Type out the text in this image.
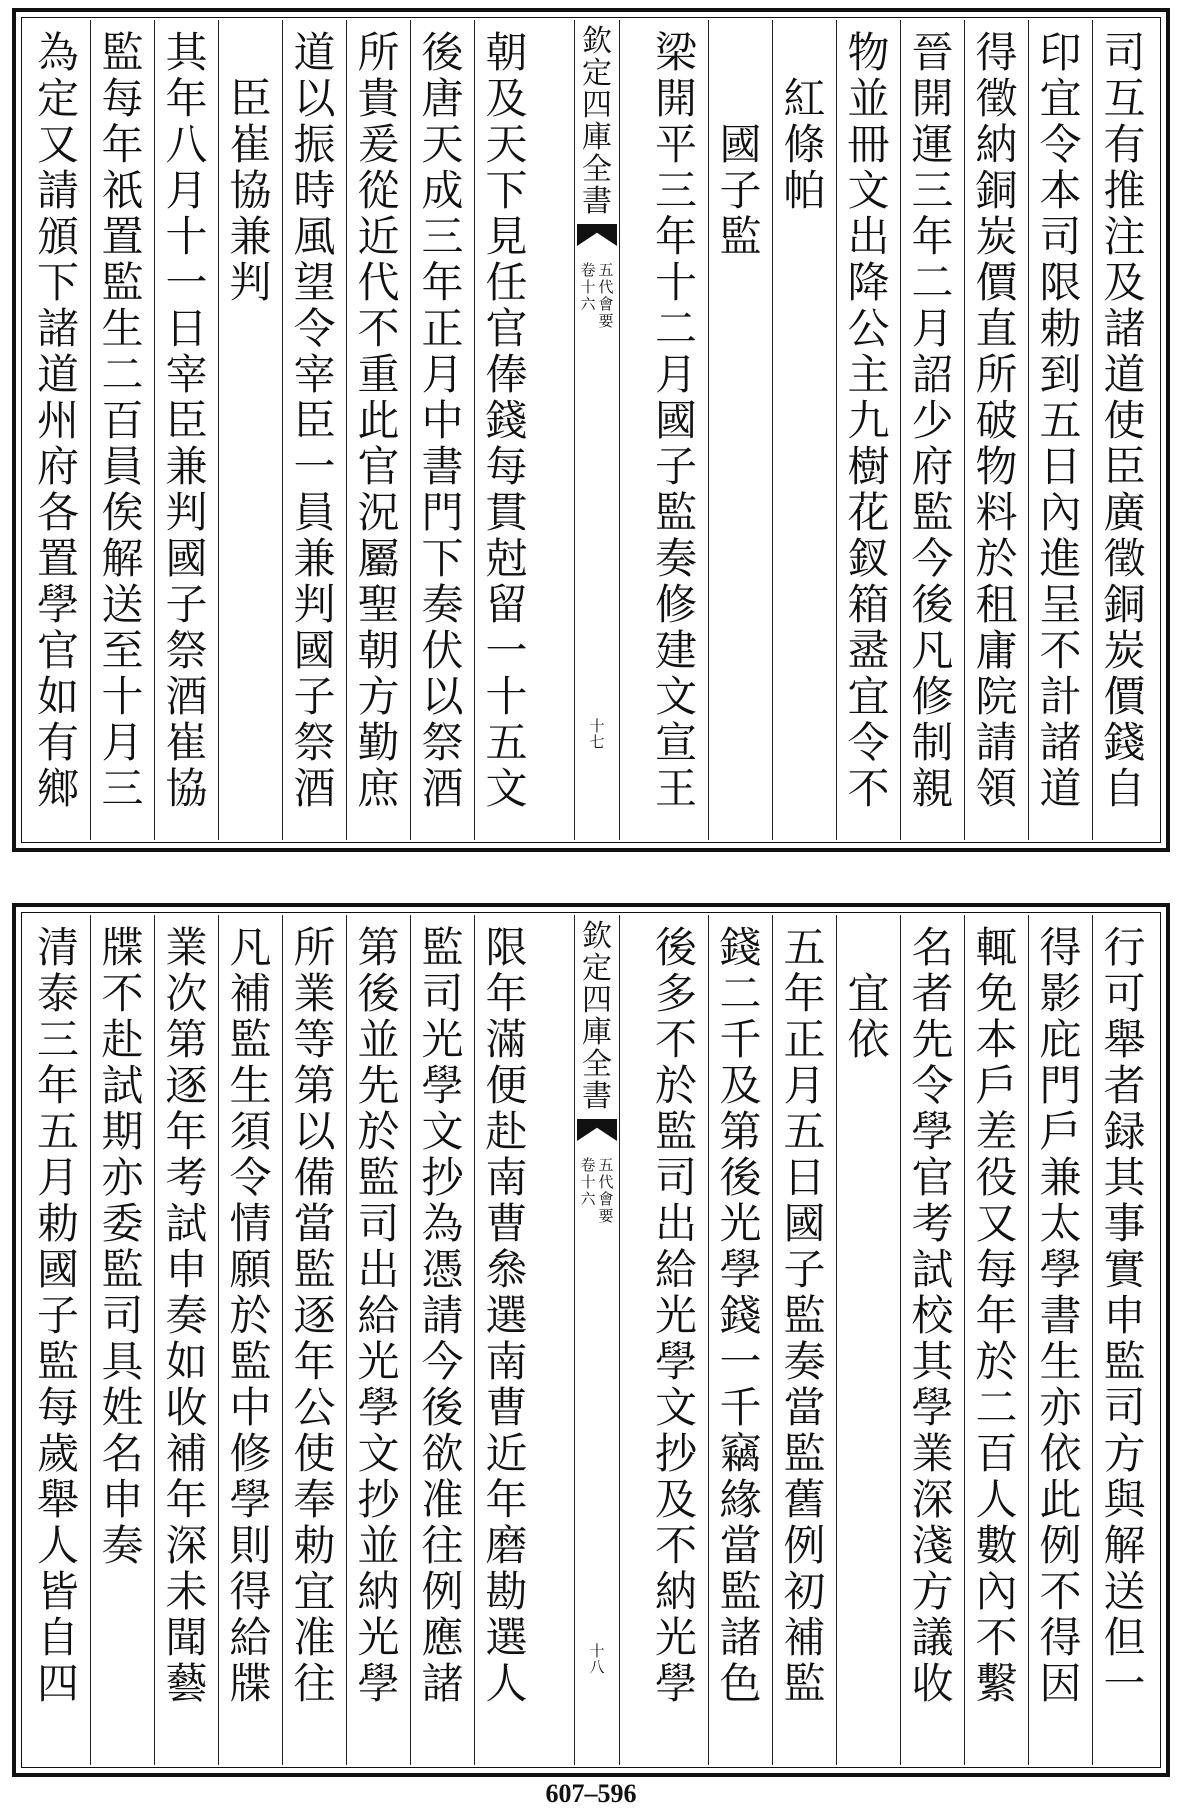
司
互
有
推
注
及
諸
道
使
臣
廣
徵
銅
炭
價
錢
自
印
宜
令
本
司
限
勅
到
五
日
內
進
呈
不
計
諸
道
得
徵
納
銅
炭
價
直
所
破
物
料
於
租
庸
院
請
領
晉
開
運
三
年
二
月
詔
少
府
監
今
後
凡
修
制
親
物
並
冊
文
出
降
公
主
九
樹
花
釵
箱
盝
宜
令
不
紅
條
帕
國
子
監
梁
開
平
三
年
十
二
月
國
子
監
奏
修
建
文
宣
王
欽
定
四
庫
全
書
五
代
會
要
卷
十
六
十
七
朝
及
天
下
見
任
官
俸
錢
每
貫
尅
留
一
十
五
文
後
唐
天
成
三
年
正
月
中
書
門
下
奏
伏
以
祭
酒
所
貴
爰
從
近
代
不
重
此
官
況
屬
聖
朝
方
勤
庶
道
以
振
時
風
望
令
宰
臣
一
員
兼
判
國
子
祭
酒
臣
崔
協
兼
判
其
年
八
月
十
一
日
宰
臣
兼
判
國
子
祭
酒
崔
協
監
每
年
祇
置
監
生
二
百
員
俟
解
送
至
十
月
三
為
定
又
請
頒
下
諸
道
州
府
各
置
學
官
如
有
鄉
行
可
舉
者
録
其
事
實
申
監
司
方
與
解
送
但
一
得
影
庇
門
戶
兼
太
學
書
生
亦
依
此
例
不
得
因
輒
免
本
戶
差
役
又
每
年
於
二
百
人
數
內
不
繫
名
者
先
令
學
官
考
試
校
其
學
業
深
淺
方
議
收
宜
依
五
年
正
月
五
日
國
子
監
奏
當
監
舊
例
初
補
監
錢
二
千
及
第
後
光
學
錢
一
千
竊
緣
當
監
諸
色
後
多
不
於
監
司
出
給
光
學
文
抄
及
不
納
光
學
欽
定
四
庫
全
書
五
代
會
要
卷
十
六
十
八
限
年
滿
便
赴
南
曹
叅
選
南
曹
近
年
磨
勘
選
人
監
司
光
學
文
抄
為
憑
請
今
後
欲
准
往
例
應
諸
第
後
並
先
於
監
司
出
給
光
學
文
抄
並
納
光
學
所
業
等
第
以
備
當
監
逐
年
公
使
奉
勅
宜
准
往
凡
補
監
生
須
令
情
願
於
監
中
修
學
則
得
給
牒
業
次
第
逐
年
考
試
申
奏
如
收
補
年
深
未
聞
藝
牒
不
赴
試
期
亦
委
監
司
具
姓
名
申
奏
清
泰
三
年
五
月
勅
國
子
監
每
歲
舉
人
皆
自
四
607–596
